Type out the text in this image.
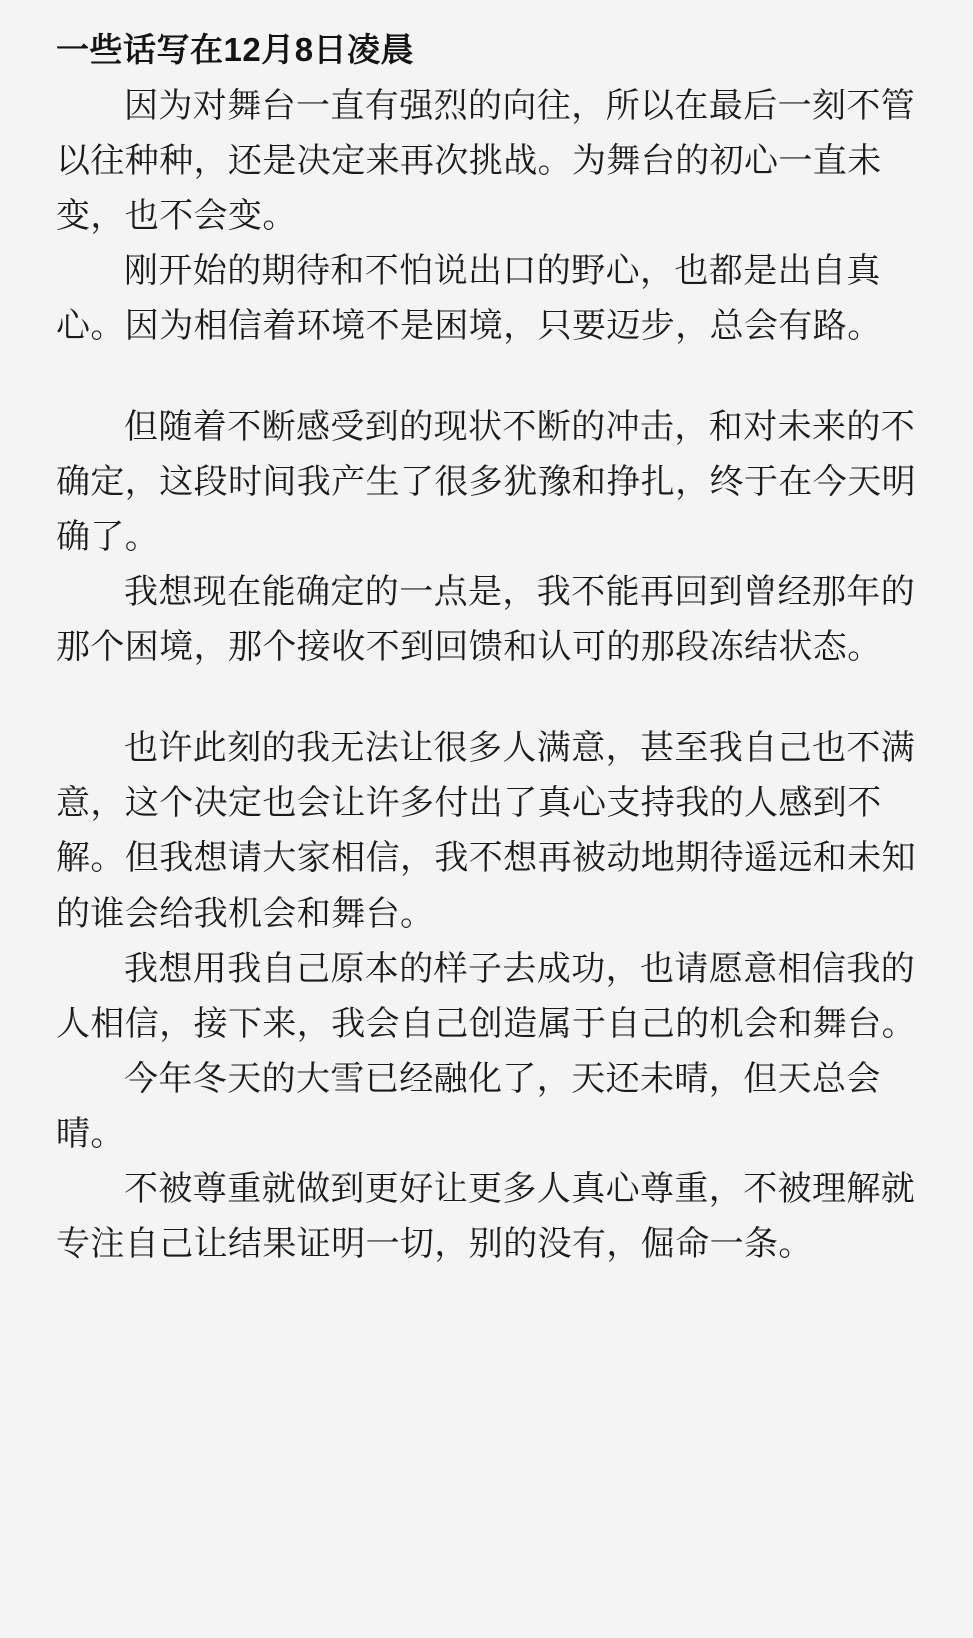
一些话写在12月8日凌晨

因为对舞台一直有强烈的向往，所以在最后一刻不管以往种种，还是决定来再次挑战。为舞台的初心一直未变，也不会变。

刚开始的期待和不怕说出口的野心，也都是出自真心。因为相信着环境不是困境，只要迈步，总会有路。

但随着不断感受到的现状不断的冲击，和对未来的不确定，这段时间我产生了很多犹豫和挣扎，终于在今天明确了。

我想现在能确定的一点是，我不能再回到曾经那年的那个困境，那个接收不到回馈和认可的那段冻结状态。

也许此刻的我无法让很多人满意，甚至我自己也不满意，这个决定也会让许多付出了真心支持我的人感到不解。但我想请大家相信，我不想再被动地期待遥远和未知的谁会给我机会和舞台。

我想用我自己原本的样子去成功，也请愿意相信我的人相信，接下来，我会自己创造属于自己的机会和舞台。

今年冬天的大雪已经融化了，天还未晴，但天总会晴。

不被尊重就做到更好让更多人真心尊重，不被理解就专注自己让结果证明一切，别的没有，倔命一条。
